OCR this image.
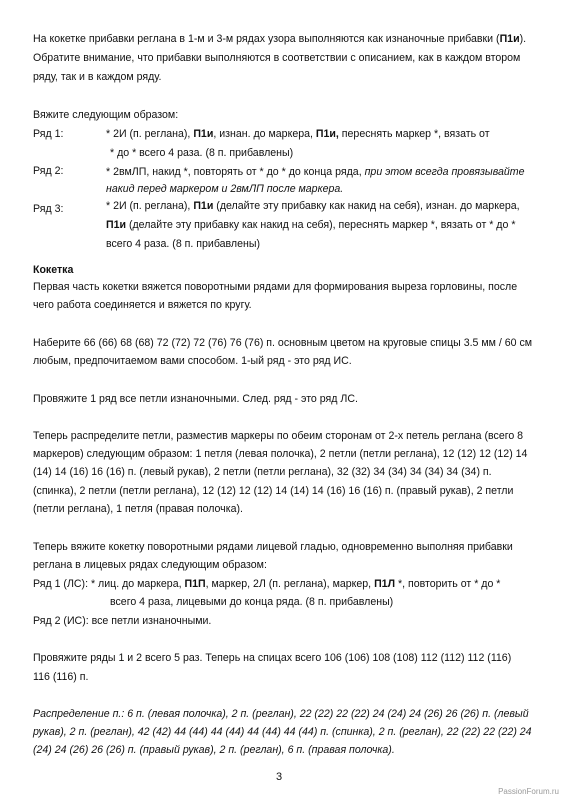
На кокетке прибавки реглана в 1-м и 3-м рядах узора выполняются как изнаночные прибавки (П1и).
Обратите внимание, что прибавки выполняются в соответствии с описанием, как в каждом втором
ряду, так и в каждом ряду.
Вяжите следующим образом:
Ряд 1:	* 2И (п. реглана), П1и, изнан. до маркера, П1и, переснять маркер *, вязать от
* до * всего 4 раза. (8 п. прибавлены)
Ряд 2:	* 2вмЛП, накид *, повторять от * до * до конца ряда, при этом всегда провязывайте
накид перед маркером и 2вмЛП после маркера.
Ряд 3:	* 2И (п. реглана), П1и (делайте эту прибавку как накид на себя), изнан. до маркера,
П1и (делайте эту прибавку как накид на себя), переснять маркер *, вязать от * до *
всего 4 раза. (8 п. прибавлены)
Кокетка
Первая часть кокетки вяжется поворотными рядами для формирования выреза горловины, после
чего работа соединяется и вяжется по кругу.
Наберите 66 (66) 68 (68) 72 (72) 72 (76) 76 (76) п. основным цветом на круговые спицы 3.5 мм / 60 см
любым, предпочитаемом вами способом. 1-ый ряд - это ряд ИС.
Провяжите 1 ряд все петли изнаночными. След. ряд - это ряд ЛС.
Теперь распределите петли, разместив маркеры по обеим сторонам от 2-х петель реглана (всего 8
маркеров) следующим образом: 1 петля (левая полочка), 2 петли (петли реглана), 12 (12) 12 (12) 14
(14) 14 (16) 16 (16) п. (левый рукав), 2 петли (петли реглана), 32 (32) 34 (34) 34 (34) 34 (34) п.
(спинка), 2 петли (петли реглана), 12 (12) 12 (12) 14 (14) 14 (16) 16 (16) п. (правый рукав), 2 петли
(петли реглана), 1 петля (правая полочка).
Теперь вяжите кокетку поворотными рядами лицевой гладью, одновременно выполняя прибавки
реглана в лицевых рядах следующим образом:
Ряд 1 (ЛС): * лиц. до маркера, П1П, маркер, 2Л (п. реглана), маркер, П1Л *, повторить от * до *
всего 4 раза, лицевыми до конца ряда. (8 п. прибавлены)
Ряд 2 (ИС): все петли изнаночными.
Провяжите ряды 1 и 2 всего 5 раз. Теперь на спицах всего 106 (106) 108 (108) 112 (112) 112 (116)
116 (116) п.
Распределение п.: 6 п. (левая полочка), 2 п. (реглан), 22 (22) 22 (22) 24 (24) 24 (26) 26 (26) п. (левый
рукав), 2 п. (реглан), 42 (42) 44 (44) 44 (44) 44 (44) 44 (44) п. (спинка), 2 п. (реглан), 22 (22) 22 (22) 24
(24) 24 (26) 26 (26) п. (правый рукав), 2 п. (реглан), 6 п. (правая полочка).
3
PassionForum.ru
